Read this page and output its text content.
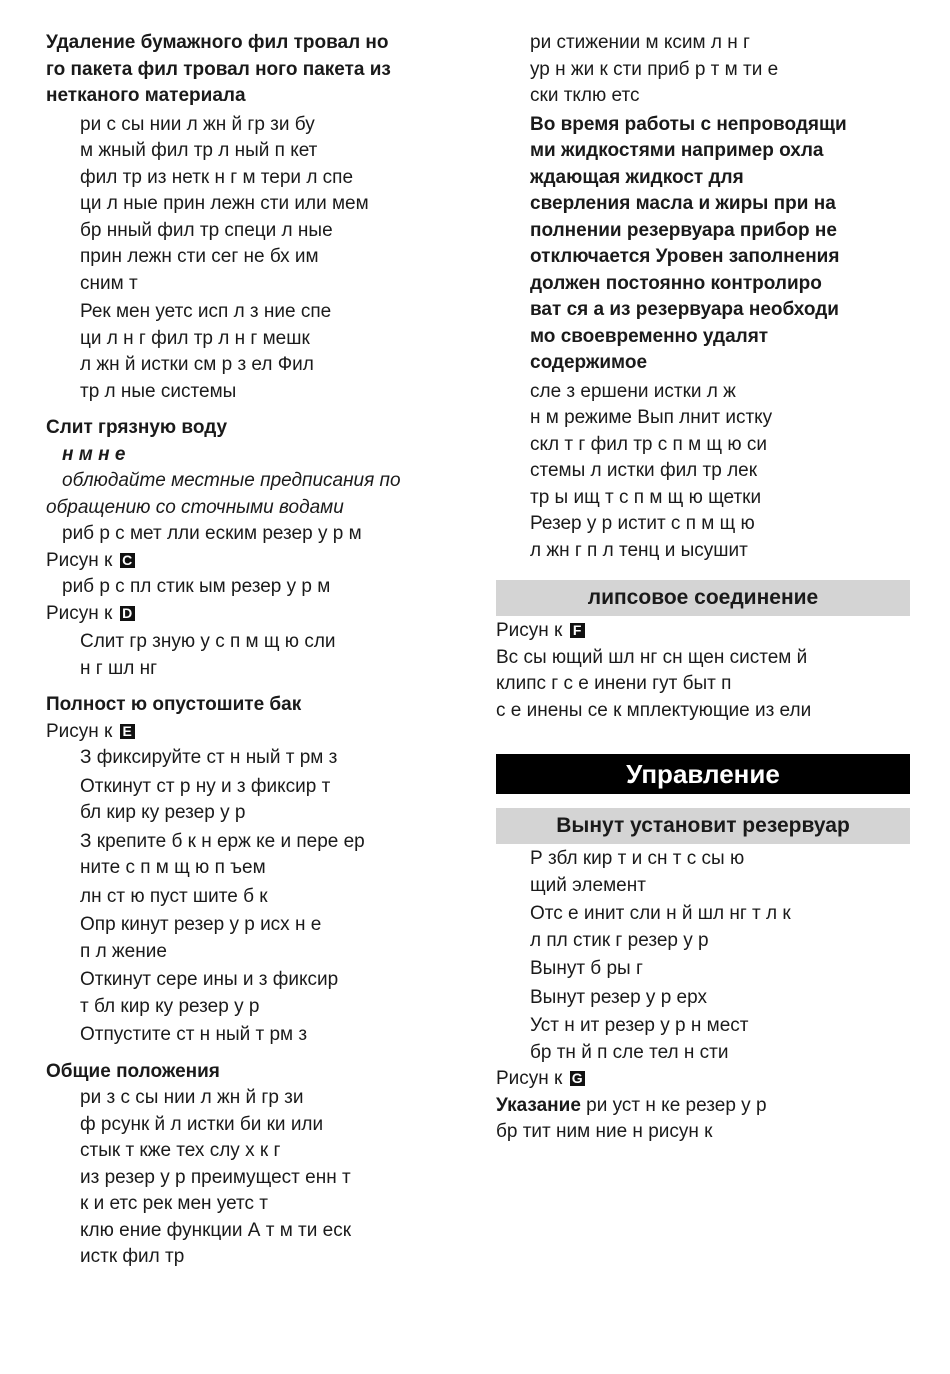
Удаление бумажного фил тровал но
го пакета фил тровал ного пакета из
нетканого материала
ри с сы нии л жн й гр зи бу
м жный фил тр л ный п кет
фил тр из нетк н г м тери л спе
ци л ные прин лежн сти или мем
бр нный фил тр специ л ные
прин лежн сти сег не бх им
сним т
Рек мен уетс исп л з ние спе
ци л н г фил тр л н г мешк
л жн й истки см р з ел Фил
тр л ные системы
Слит грязную воду
н м н е
облюдайте местные предписания по
обращению со сточными водами
риб р с мет лли еским резер у р м
Рисун к C
риб р с пл стик ым резер у р м
Рисун к D
Слит гр зную у с п м щ ю сли
н г шл нг
Полност ю опустошите бак
Рисун к E
З фиксируйте ст н ный т рм з
Откинут ст р ну и з фиксир т
бл кир ку резер у р
З крепите б к н ерж ке и пере ер
ните с п м щ ю п ъем
лн ст ю пуст шите б к
Опр кинут резер у р исх н е
п л жение
Откинут сере ины и з фиксир
т бл кир ку резер у р
Отпустите ст н ный т рм з
Общие положения
ри з с сы нии л жн й гр зи
ф рсунк й л истки би ки или
стык т кже тех слу х к г
из резер у р преимущест енн т
к и етс рек мен уетс т
клю ение функции А т м ти еск
истк фил тр
ри стижении м ксим л н г
ур н жи к сти приб р т м ти е
ски тклю етс
Во время работы с непроводящи
ми жидкостями например охла
ждающая жидкост для
сверления масла и жиры при на
полнении резервуара прибор не
отключается Уровен заполнения
должен постоянно контролиро
ват ся а из резервуара необходи
мо своевременно удалят
содержимое
сле з ершени истки л ж
н м режиме Вып лнит истку
скл т г фил тр с п м щ ю си
стемы л истки фил тр лек
тр ы ищ т с п м щ ю щетки
Резер у р истит с п м щ ю
л жн г п л тенц и ысушит
липсовое соединение
Рисун к F
Вс сы ющий шл нг сн щен систем й
клипс г с е инени гут быт п
с е инены се к мплектующие из ели
Управление
Вынут установит резервуар
Р збл кир т и сн т с сы ю
щий элемент
Отс е инит сли н й шл нг т л к
л пл стик г резер у р
Вынут б ры г
Вынут резер у р ерх
Уст н ит резер у р н мест
бр тн й п сле тел н сти
Рисун к G
Указание ри уст н ке резер у р
бр тит ним ние н рисун к
